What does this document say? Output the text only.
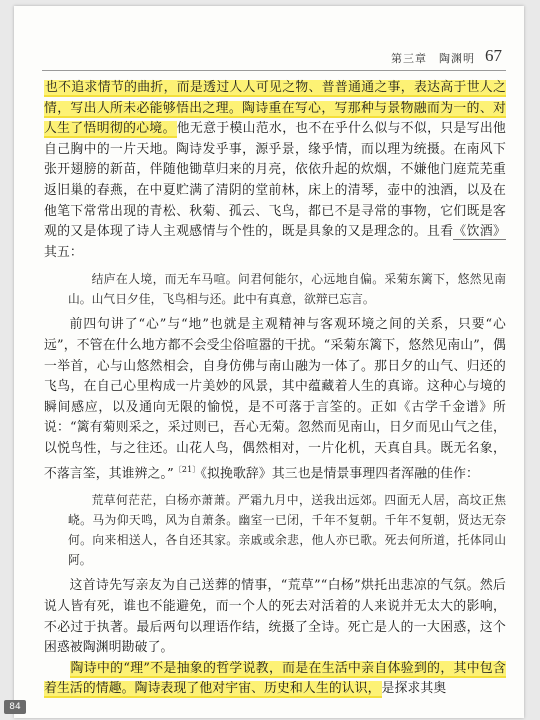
第三章　陶渊明 67

也不追求情节的曲折，而是透过人人可见之物、普普通通之事，表达高于世人之情，写出人所未必能够悟出之理。陶诗重在写心，写那种与景物融而为一的、对人生了悟明彻的心境。他无意于模山范水，也不在乎什么似与不似，只是写出他自己胸中的一片天地。陶诗发乎事，源乎景，缘乎情，而以理为统摄。在南风下张开翅膀的新苗，伴随他锄草归来的月亮，依依升起的炊烟，不嫌他门庭荒芜重返旧巢的春燕，在中夏贮满了清阴的堂前林，床上的清琴，壶中的浊酒，以及在他笔下常常出现的青松、秋菊、孤云、飞鸟，都已不是寻常的事物，它们既是客观的又是体现了诗人主观感情与个性的，既是具象的又是理念的。且看《饮酒》其五：

结庐在人境，而无车马喧。问君何能尔，心远地自偏。采菊东篱下，悠然见南山。山气日夕佳，飞鸟相与还。此中有真意，欲辩已忘言。

前四句讲了“心”与“地”也就是主观精神与客观环境之间的关系，只要“心远”，不管在什么地方都不会受尘俗喧嚣的干扰。“采菊东篱下，悠然见南山”，偶一举首，心与山悠然相会，自身仿佛与南山融为一体了。那日夕的山气、归还的飞鸟，在自己心里构成一片美妙的风景，其中蕴藏着人生的真谛。这种心与境的瞬间感应，以及通向无限的愉悦，是不可落于言筌的。正如《古学千金谱》所说：“篱有菊则采之，采过则已，吾心无菊。忽然而见南山，日夕而见山气之佳，以悦鸟性，与之往还。山花人鸟，偶然相对，一片化机，天真自具。既无名象，不落言筌，其谁辨之。”$^{〔21〕}$《拟挽歌辞》其三也是情景事理四者浑融的佳作：

荒草何茫茫，白杨亦萧萧。严霜九月中，送我出远郊。四面无人居，高坟正焦峣。马为仰天鸣，风为自萧条。幽室一已闭，千年不复朝。千年不复朝，贤达无奈何。向来相送人，各自还其家。亲戚或余悲，他人亦已歌。死去何所道，托体同山阿。

这首诗先写亲友为自己送葬的情事，“荒草”“白杨”烘托出悲凉的气氛。然后说人皆有死，谁也不能避免，而一个人的死去对活着的人来说并无太大的影响，不必过于执著。最后两句以理语作结，统摄了全诗。死亡是人的一大困惑，这个困惑被陶渊明勘破了。

陶诗中的“理”不是抽象的哲学说教，而是在生活中亲自体验到的，其中包含着生活的情趣。陶诗表现了他对宇宙、历史和人生的认识，是探求其奥

84
